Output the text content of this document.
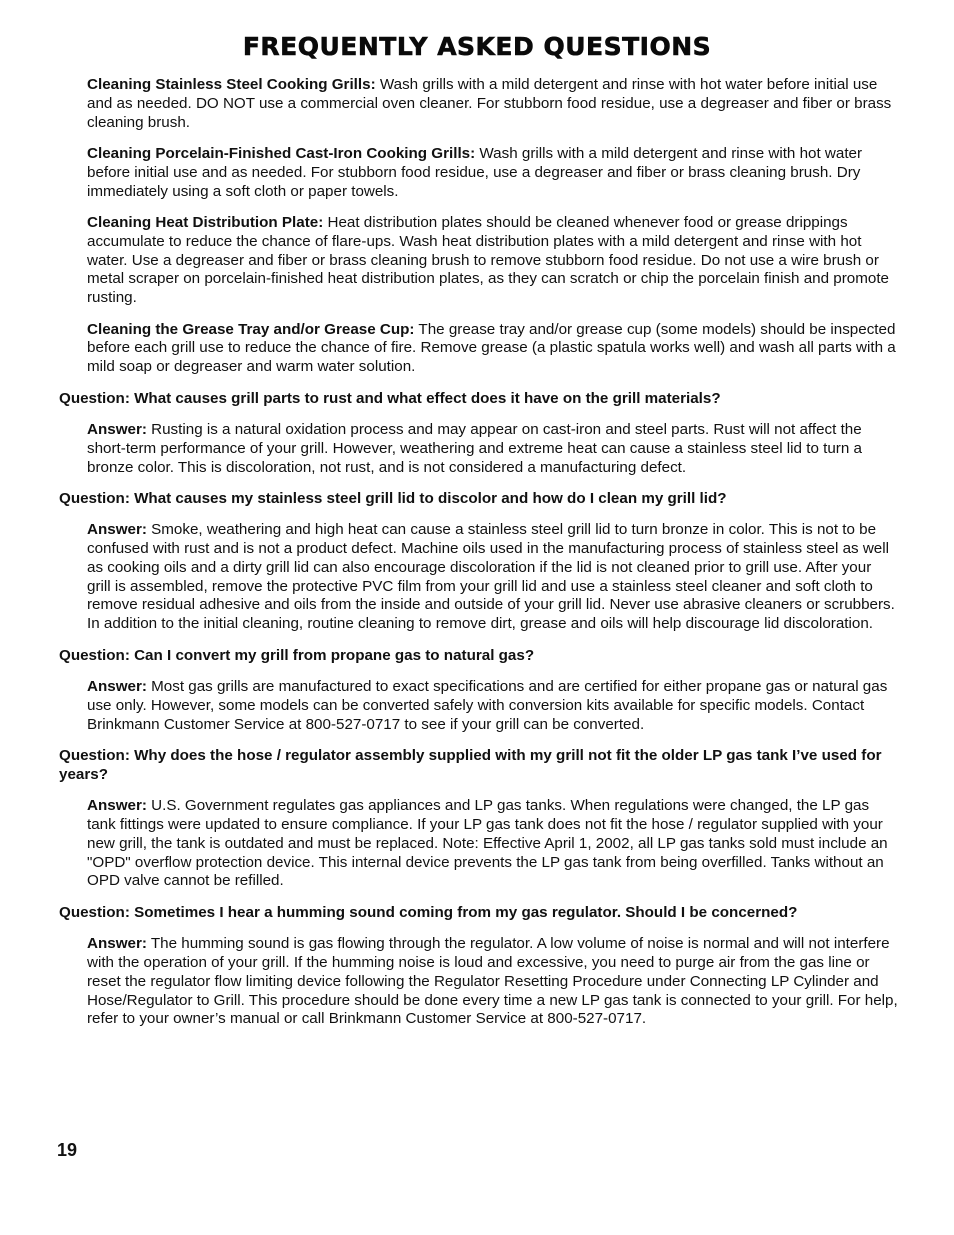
FREQUENTLY ASKED QUESTIONS

Cleaning Stainless Steel Cooking Grills: Wash grills with a mild detergent and rinse with hot water before initial use and as needed. DO NOT use a commercial oven cleaner. For stubborn food residue, use a degreaser and fiber or brass cleaning brush.

Cleaning Porcelain-Finished Cast-Iron Cooking Grills: Wash grills with a mild detergent and rinse with hot water before initial use and as needed. For stubborn food residue, use a degreaser and fiber or brass cleaning brush. Dry immediately using a soft cloth or paper towels.

Cleaning Heat Distribution Plate: Heat distribution plates should be cleaned whenever food or grease drippings accumulate to reduce the chance of flare-ups. Wash heat distribution plates with a mild detergent and rinse with hot water. Use a degreaser and fiber or brass cleaning brush to remove stubborn food residue. Do not use a wire brush or metal scraper on porcelain-finished heat distribution plates, as they can scratch or chip the porcelain finish and promote rusting.

Cleaning the Grease Tray and/or Grease Cup: The grease tray and/or grease cup (some models) should be inspected before each grill use to reduce the chance of fire. Remove grease (a plastic spatula works well) and wash all parts with a mild soap or degreaser and warm water solution.

Question: What causes grill parts to rust and what effect does it have on the grill materials?

Answer: Rusting is a natural oxidation process and may appear on cast-iron and steel parts. Rust will not affect the short-term performance of your grill. However, weathering and extreme heat can cause a stainless steel lid to turn a bronze color. This is discoloration, not rust, and is not considered a manufacturing defect.

Question: What causes my stainless steel grill lid to discolor and how do I clean my grill lid?

Answer: Smoke, weathering and high heat can cause a stainless steel grill lid to turn bronze in color. This is not to be confused with rust and is not a product defect. Machine oils used in the manufacturing process of stainless steel as well as cooking oils and a dirty grill lid can also encourage discoloration if the lid is not cleaned prior to grill use. After your grill is assembled, remove the protective PVC film from your grill lid and use a stainless steel cleaner and soft cloth to remove residual adhesive and oils from the inside and outside of your grill lid. Never use abrasive cleaners or scrubbers. In addition to the initial cleaning, routine cleaning to remove dirt, grease and oils will help discourage lid discoloration.

Question: Can I convert my grill from propane gas to natural gas?

Answer: Most gas grills are manufactured to exact specifications and are certified for either propane gas or natural gas use only. However, some models can be converted safely with conversion kits available for specific models. Contact Brinkmann Customer Service at 800-527-0717 to see if your grill can be converted.

Question: Why does the hose / regulator assembly supplied with my grill not fit the older LP gas tank I’ve used for years?

Answer: U.S. Government regulates gas appliances and LP gas tanks. When regulations were changed, the LP gas tank fittings were updated to ensure compliance. If your LP gas tank does not fit the hose / regulator supplied with your new grill, the tank is outdated and must be replaced. Note: Effective April 1, 2002, all LP gas tanks sold must include an "OPD" overflow protection device. This internal device prevents the LP gas tank from being overfilled. Tanks without an OPD valve cannot be refilled.

Question: Sometimes I hear a humming sound coming from my gas regulator. Should I be concerned?

Answer: The humming sound is gas flowing through the regulator. A low volume of noise is normal and will not interfere with the operation of your grill. If the humming noise is loud and excessive, you need to purge air from the gas line or reset the regulator flow limiting device following the Regulator Resetting Procedure under Connecting LP Cylinder and Hose/Regulator to Grill. This procedure should be done every time a new LP gas tank is connected to your grill. For help, refer to your owner’s manual or call Brinkmann Customer Service at 800-527-0717.

19
